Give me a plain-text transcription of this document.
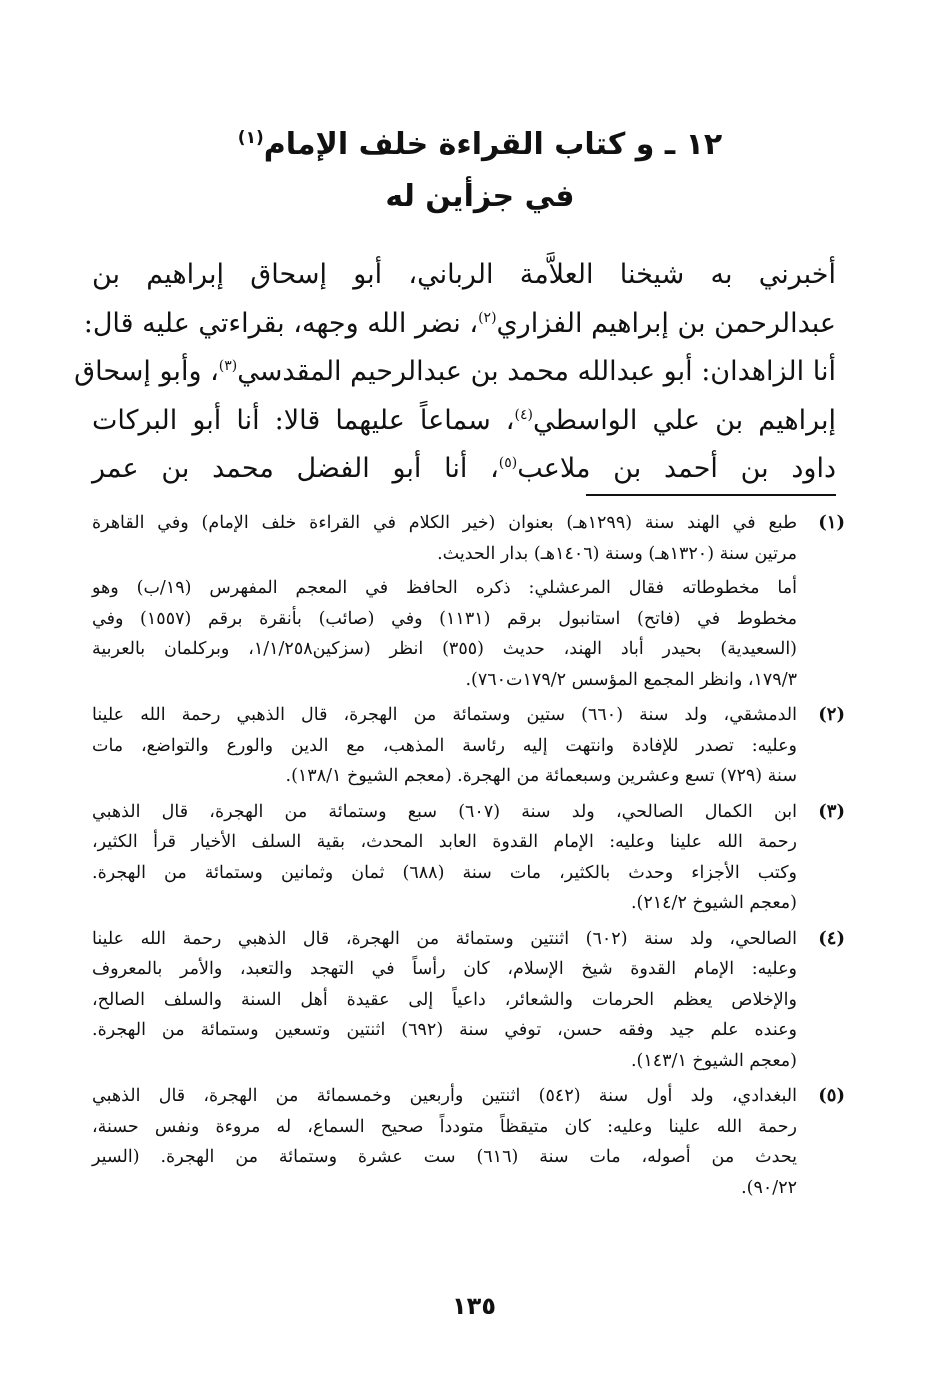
١٢ ـ و كتاب القراءة خلف الإمام$^{(١)}$
في جزأين له
أخبرني به شيخنا العلاَّمة الرباني، أبو إسحاق إبراهيم بن
عبدالرحمن بن إبراهيم الفزاري$^{(٢)}$، نضر الله وجهه، بقراءتي عليه قال:
أنا الزاهدان: أبو عبدالله محمد بن عبدالرحيم المقدسي$^{(٣)}$، وأبو إسحاق
إبراهيم بن علي الواسطي$^{(٤)}$، سماعاً عليهما قالا: أنا أبو البركات
داود بن أحمد بن ملاعب$^{(٥)}$، أنا أبو الفضل محمد بن عمر
(١)
طبع في الهند سنة (١٢٩٩هـ) بعنوان (خير الكلام في القراءة خلف الإمام) وفي القاهرة
مرتين سنة (١٣٢٠هـ) وسنة (١٤٠٦هـ) بدار الحديث.
أما مخطوطاته فقال المرعشلي: ذكره الحافظ في المعجم المفهرس (١٩/ب) وهو
مخطوط في (فاتح) استانبول برقم (١١٣١) وفي (صائب) بأنقرة برقم (١٥٥٧) وفي
(السعيدية) بحيدر أباد الهند، حديث (٣٥٥) انظر (سزكين١/١/٢٥٨، وبركلمان بالعربية
١٧٩/٣، وانظر المجمع المؤسس ١٧٩/٢ت٧٦٠).
(٢)
الدمشقي، ولد سنة (٦٦٠) ستين وستمائة من الهجرة، قال الذهبي رحمة الله علينا
وعليه: تصدر للإفادة وانتهت إليه رئاسة المذهب، مع الدين والورع والتواضع، مات
سنة (٧٢٩) تسع وعشرين وسبعمائة من الهجرة. (معجم الشيوخ ١٣٨/١).
(٣)
ابن الكمال الصالحي، ولد سنة (٦٠٧) سبع وستمائة من الهجرة، قال الذهبي
رحمة الله علينا وعليه: الإمام القدوة العابد المحدث، بقية السلف الأخيار قرأ الكثير،
وكتب الأجزاء وحدث بالكثير، مات سنة (٦٨٨) ثمان وثمانين وستمائة من الهجرة.
(معجم الشيوخ ٢١٤/٢).
(٤)
الصالحي، ولد سنة (٦٠٢) اثنتين وستمائة من الهجرة، قال الذهبي رحمة الله علينا
وعليه: الإمام القدوة شيخ الإسلام، كان رأساً في التهجد والتعبد، والأمر بالمعروف
والإخلاص يعظم الحرمات والشعائر، داعياً إلى عقيدة أهل السنة والسلف الصالح،
وعنده علم جيد وفقه حسن، توفي سنة (٦٩٢) اثنتين وتسعين وستمائة من الهجرة.
(معجم الشيوخ ١٤٣/١).
(٥)
البغدادي، ولد أول سنة (٥٤٢) اثنتين وأربعين وخمسمائة من الهجرة، قال الذهبي
رحمة الله علينا وعليه: كان متيقظاً متودداً صحيح السماع، له مروءة ونفس حسنة،
يحدث من أصوله، مات سنة (٦١٦) ست عشرة وستمائة من الهجرة. (السير
٩٠/٢٢).
١٣٥
